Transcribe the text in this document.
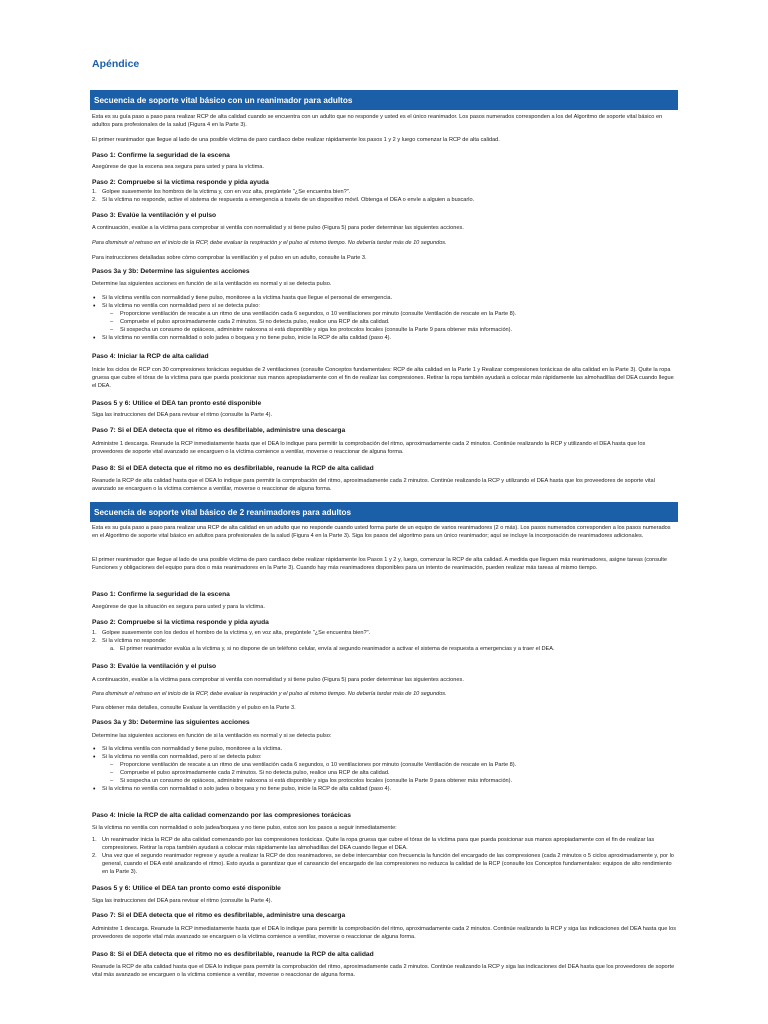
Apéndice
Secuencia de soporte vital básico con un reanimador para adultos

Esta es su guía paso a paso para realizar RCP de alta calidad cuando se encuentra con un adulto que no responde y usted es el único reanimador. Los pasos numerados corresponden a los del Algoritmo de soporte vital básico en adultos para profesionales de la salud (Figura 4 en la Parte 3).

El primer reanimador que llegue al lado de una posible víctima de paro cardíaco debe realizar rápidamente los pasos 1 y 2 y luego comenzar la RCP de alta calidad.

Paso 1: Confirme la seguridad de la escena
Asegúrese de que la escena sea segura para usted y para la víctima.
Paso 2: Compruebe si la víctima responde y pida ayuda
1. Golpee suavemente los hombros de la víctima y, con en voz alta, pregúntele "¿Se encuentra bien?".
2. Si la víctima no responde, active el sistema de respuesta a emergencia a través de un dispositivo móvil. Obtenga el DEA o envíe a alguien a buscarlo.
Paso 3: Evalúe la ventilación y el pulso
A continuación, evalúe a la víctima para comprobar si ventila con normalidad y si tiene pulso (Figura 5) para poder determinar las siguientes acciones.
Para disminuir el retraso en el inicio de la RCP, debe evaluar la respiración y el pulso al mismo tiempo. No debería tardar más de 10 segundos.
Para instrucciones detalladas sobre cómo comprobar la ventilación y el pulso en un adulto, consulte la Parte 3.
Pasos 3a y 3b: Determine las siguientes acciones
Determine las siguientes acciones en función de si la ventilación es normal y si se detecta pulso.
• Si la víctima ventila con normalidad y tiene pulso, monitoree a la víctima hasta que llegue el personal de emergencia.
• Si la víctima no ventila con normalidad pero sí se detecta pulso:
– Proporcione ventilación de rescate a un ritmo de una ventilación cada 6 segundos, o 10 ventilaciones por minuto (consulte Ventilación de rescate en la Parte 8).
– Compruebe el pulso aproximadamente cada 2 minutos. Si no detecta pulso, realice una RCP de alta calidad.
– Si sospecha un consumo de opiáceos, administre naloxona si está disponible y siga los protocolos locales (consulte la Parte 9 para obtener más información).
• Si la víctima no ventila con normalidad o solo jadea o boquea y no tiene pulso, inicie la RCP de alta calidad (paso 4).
Paso 4: Iniciar la RCP de alta calidad
Inicie los ciclos de RCP con 30 compresiones torácicas seguidas de 2 ventilaciones (consulte Conceptos fundamentales: RCP de alta calidad en la Parte 1 y Realizar compresiones torácicas de alta calidad en la Parte 3). Quite la ropa gruesa que cubre el tórax de la víctima para que pueda posicionar sus manos apropiadamente con el fin de realizar las compresiones. Retirar la ropa también ayudará a colocar más rápidamente las almohadillas del DEA cuando llegue el DEA.
Pasos 5 y 6: Utilice el DEA tan pronto esté disponible
Siga las instrucciones del DEA para revisar el ritmo (consulte la Parte 4).
Paso 7: Si el DEA detecta que el ritmo es desfibrilable, administre una descarga
Administre 1 descarga. Reanude la RCP inmediatamente hasta que el DEA lo indique para permitir la comprobación del ritmo, aproximadamente cada 2 minutos. Continúe realizando la RCP y utilizando el DEA hasta que los proveedores de soporte vital avanzado se encarguen o la víctima comience a ventilar, moverse o reaccionar de alguna forma.
Paso 8: Si el DEA detecta que el ritmo no es desfibrilable, reanude la RCP de alta calidad
Reanude la RCP de alta calidad hasta que el DEA lo indique para permitir la comprobación del ritmo, aproximadamente cada 2 minutos. Continúe realizando la RCP y utilizando el DEA hasta que los proveedores de soporte vital avanzado se encarguen o la víctima comience a ventilar, moverse o reaccionar de alguna forma.
Secuencia de soporte vital básico de 2 reanimadores para adultos
Esta es su guía paso a paso para realizar una RCP de alta calidad en un adulto que no responde cuando usted forma parte de un equipo de varios reanimadores (2 o más). Los pasos numerados corresponden a los pasos numerados en el Algoritmo de soporte vital básico en adultos para profesionales de la salud (Figura 4 en la Parte 3). Siga los pasos del algoritmo para un único reanimador; aquí se incluye la incorporación de reanimadores adicionales.
El primer reanimador que llegue al lado de una posible víctima de paro cardíaco debe realizar rápidamente los Pasos 1 y 2 y, luego, comenzar la RCP de alta calidad. A medida que lleguen más reanimadores, asigne tareas (consulte Funciones y obligaciones del equipo para dos o más reanimadores en la Parte 3). Cuando hay más reanimadores disponibles para un intento de reanimación, pueden realizar más tareas al mismo tiempo.
Paso 1: Confirme la seguridad de la escena
Asegúrese de que la situación es segura para usted y para la víctima.
Paso 2: Compruebe si la víctima responde y pida ayuda
1. Golpee suavemente con los dedos el hombro de la víctima y, en voz alta, pregúntele "¿Se encuentra bien?".
2. Si la víctima no responde:
a. El primer reanimador evalúa a la víctima y, si no dispone de un teléfono celular, envía al segundo reanimador a activar el sistema de respuesta a emergencias y a traer el DEA.
Paso 3: Evalúe la ventilación y el pulso
A continuación, evalúe a la víctima para comprobar si ventila con normalidad y si tiene pulso (Figura 5) para poder determinar las siguientes acciones.
Para disminuir el retraso en el inicio de la RCP, debe evaluar la respiración y el pulso al mismo tiempo. No debería tardar más de 10 segundos.
Para obtener más detalles, consulte Evaluar la ventilación y el pulso en la Parte 3.
Pasos 3a y 3b: Determine las siguientes acciones
Determine las siguientes acciones en función de si la ventilación es normal y si se detecta pulso:
• Si la víctima ventila con normalidad y tiene pulso, monitoree a la víctima.
• Si la víctima no ventila con normalidad, pero sí se detecta pulso:
– Proporcione ventilación de rescate a un ritmo de una ventilación cada 6 segundos, o 10 ventilaciones por minuto (consulte Ventilación de rescate en la Parte 8).
– Compruebe el pulso aproximadamente cada 2 minutos. Si no detecta pulso, realice una RCP de alta calidad.
– Si sospecha un consumo de opiáceos, administre naloxona si está disponible y siga los protocolos locales (consulte la Parte 9 para obtener más información).
• Si la víctima no ventila con normalidad o solo jadea o boquea y no tiene pulso, inicie la RCP de alta calidad (paso 4).
Paso 4: Inicie la RCP de alta calidad comenzando por las compresiones torácicas
Si la víctima no ventila con normalidad o solo jadea/boquea y no tiene pulso, estos son los pasos a seguir inmediatamente:
1. Un reanimador inicia la RCP de alta calidad comenzando por las compresiones torácicas. Quite la ropa gruesa que cubre el tórax de la víctima para que pueda posicionar sus manos apropiadamente con el fin de realizar las compresiones. Retirar la ropa también ayudará a colocar más rápidamente las almohadillas del DEA cuando llegue el DEA.
2. Una vez que el segundo reanimador regrese y ayude a realizar la RCP de dos reanimadores, se debe intercambiar con frecuencia la función del encargado de las compresiones (cada 2 minutos o 5 ciclos aproximadamente y, por lo general, cuando el DEA esté analizando el ritmo). Esto ayuda a garantizar que el cansancio del encargado de las compresiones no reduzca la calidad de la RCP (consulte los Conceptos fundamentales: equipos de alto rendimiento en la Parte 3).
Pasos 5 y 6: Utilice el DEA tan pronto como esté disponible
Siga las instrucciones del DEA para revisar el ritmo (consulte la Parte 4).
Paso 7: Si el DEA detecta que el ritmo es desfibrilable, administre una descarga
Administre 1 descarga. Reanude la RCP inmediatamente hasta que el DEA lo indique para permitir la comprobación del ritmo, aproximadamente cada 2 minutos. Continúe realizando la RCP y siga las indicaciones del DEA hasta que los proveedores de soporte vital más avanzado se encarguen o la víctima comience a ventilar, moverse o reaccionar de alguna forma.
Paso 8: Si el DEA detecta que el ritmo no es desfibrilable, reanude la RCP de alta calidad
Reanude la RCP de alta calidad hasta que el DEA lo indique para permitir la comprobación del ritmo, aproximadamente cada 2 minutos. Continúe realizando la RCP y siga las indicaciones del DEA hasta que los proveedores de soporte vital más avanzado se encarguen o la víctima comience a ventilar, moverse o reaccionar de alguna forma.
